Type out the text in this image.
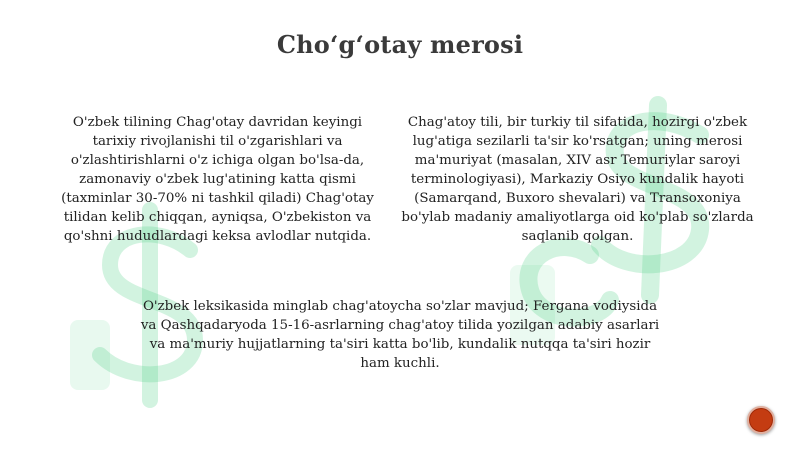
Cho‘g‘otay merosi
O'zbek tilining Chag'otay davridan keyingi tarixiy rivojlanishi til o'zgarishlari va o'zlashtirishlarni o'z ichiga olgan bo'lsa-da, zamonaviy o'zbek lug'atining katta qismi (taxminlar 30-70% ni tashkil qiladi) Chag'otay tilidan kelib chiqqan, ayniqsa, O'zbekiston va qo'shni hududlardagi keksa avlodlar nutqida.
Chag'atoy tili, bir turkiy til sifatida, hozirgi o'zbek lug'atiga sezilarli ta'sir ko'rsatgan; uning merosi ma'muriyat (masalan, XIV asr Temuriylar saroyi terminologiyasi), Markaziy Osiyo kundalik hayoti (Samarqand, Buxoro shevalari) va Transoxoniya bo'ylab madaniy amaliyotlarga oid ko'plab so'zlarda saqlanib qolgan.
O'zbek leksikasida minglab chag'atoycha so'zlar mavjud; Fergana vodiysida va Qashqadaryoda 15-16-asrlarning chag'atoy tilida yozilgan adabiy asarlari va ma'muriy hujjatlarning ta'siri katta bo'lib, kundalik nutqqa ta'siri hozir ham kuchli.
